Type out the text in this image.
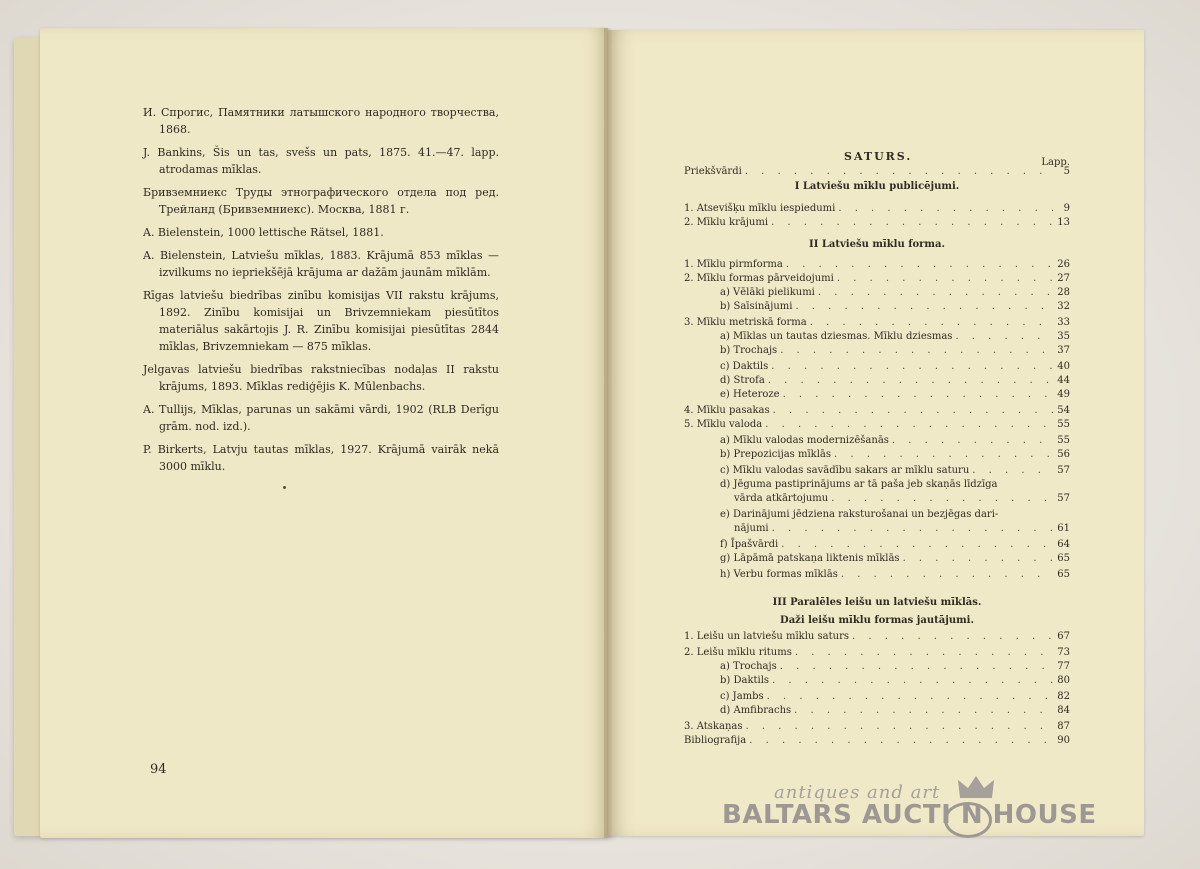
И. Спрогис, Памятники латышского народного творчества, 1868.

J. Bankins, Šis un tas, svešs un pats, 1875. 41.—47. lapp. atrodamas mīklas.

Бривземниекс Труды этнографического отдела под ред. Трейланд (Бривземниекс). Москва, 1881 г.

A. Bielenstein, 1000 lettische Rätsel, 1881.

A. Bielenstein, Latviešu mīklas, 1883. Krājumā 853 mīklas — izvilkums no iepriekšējā krājuma ar dažām jaunām mīklām.

Rīgas latviešu biedrības zinību komisijas VII rakstu krājums, 1892. Zinību komisijai un Brivzemniekam piesūtītos materiālus sakārtojis J. R. Zinību komisijai piesūtītas 2844 mīklas, Brivzemniekam — 875 mīklas.

Jelgavas latviešu biedrības rakstniecības nodaļas II rakstu krājums, 1893. Mīklas rediģējis K. Mūlenbachs.

A. Tullijs, Mīklas, parunas un sakāmi vārdi, 1902 (RLB Derīgu grām. nod. izd.).

P. Birkerts, Latvju tautas mīklas, 1927. Krājumā vairāk nekā 3000 mīklu.

94
SATURS.	Lapp.
Priekšvārdi . . .	5
I Latviešu mīklu publicējumi.
1. Atsevišķu mīklu iespiedumi . . .	9
2. Mīklu krājumi . . .	13
II Latviešu mīklu forma.
1. Mīklu pirmforma . . .	26
2. Mīklu formas pārveidojumi . . .	27
a) Vēlāki pielikumi . . .	28
b) Saīsinājumi . . .	32
3. Mīklu metriskā forma . . .	33
a) Mīklas un tautas dziesmas. Mīklu dziesmas . . .	35
b) Trochajs . . .	37
c) Daktils . . .	40
d) Strofa . . .	44
e) Heteroze . . .	49
4. Mīklu pasakas . . .	54
5. Mīklu valoda . . .	55
a) Mīklu valodas modernizēšanās . . .	55
b) Prepozicijas mīklās . . .	56
c) Mīklu valodas savādību sakars ar mīklu saturu . . .	57
d) Jēguma pastiprinājums ar tā paša jeb skaņās līdzīga
vārda atkārtojumu . . .	57
e) Darinājumi jēdziena raksturošanai un bezjēgas dari-
nājumi . . .	61
f) Īpašvārdi . . .	64
g) Lāpāmā patskaņa liktenis mīklās . . .	65
h) Verbu formas mīklās . . .	65
III Paralēles leišu un latviešu mīklās.
Daži leišu mīklu formas jautājumi.
1. Leišu un latviešu mīklu saturs . . .	67
2. Leišu mīklu ritums . . .	73
a) Trochajs . . .	77
b) Daktils . . .	80
c) Jambs . . .	82
d) Amfibrachs . . .	84
3. Atskaņas . . .	87
Bibliografija . . .	90
antiques and art
BALTARS AUCTI N HOUSE
